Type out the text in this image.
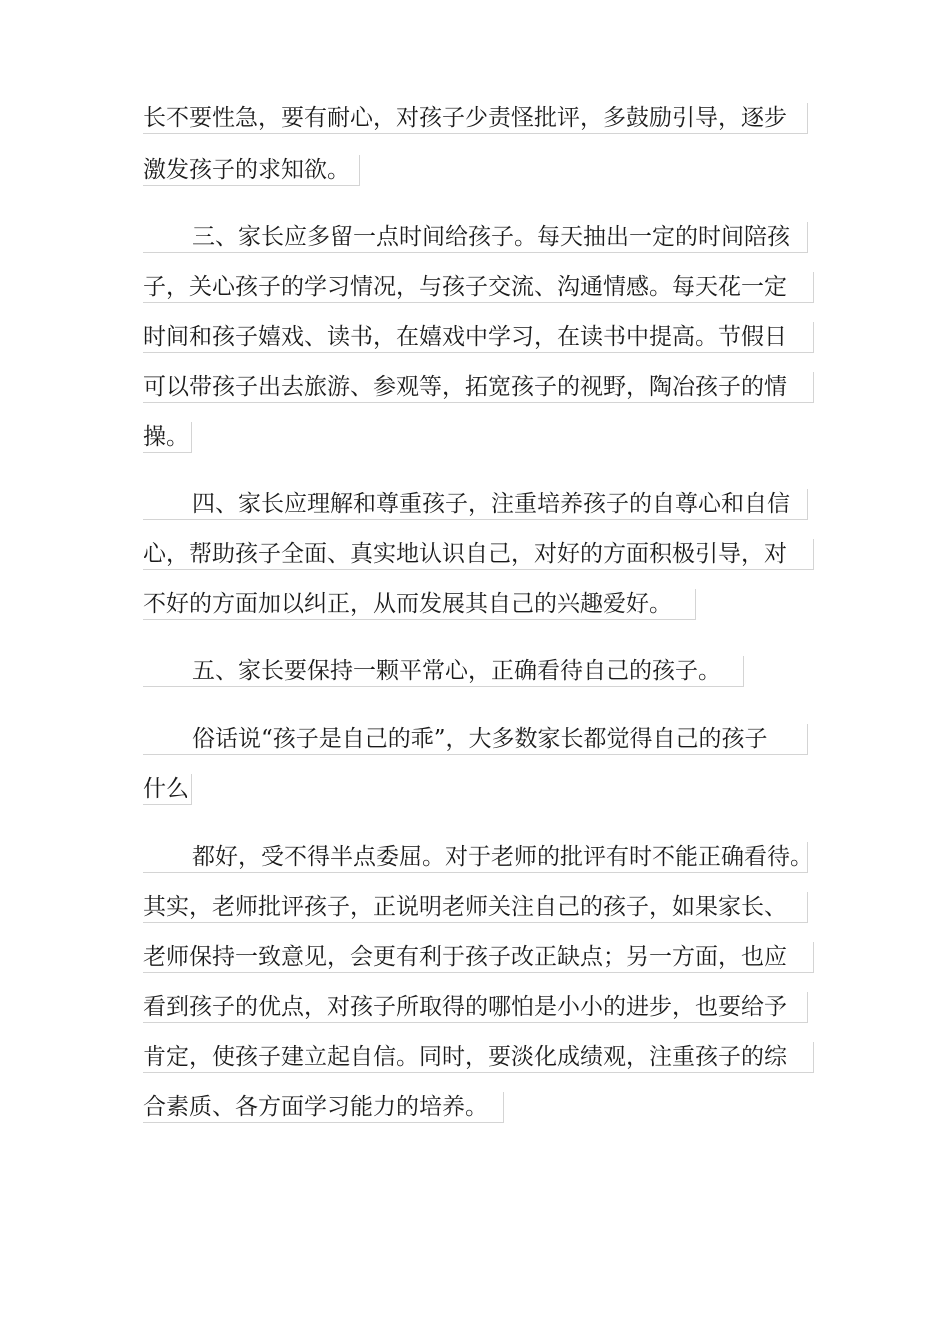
长不要性急，要有耐心，对孩子少责怪批评，多鼓励引导，逐步
激发孩子的求知欲。
三、家长应多留一点时间给孩子。每天抽出一定的时间陪孩
子，关心孩子的学习情况，与孩子交流、沟通情感。每天花一定
时间和孩子嬉戏、读书，在嬉戏中学习，在读书中提高。节假日
可以带孩子出去旅游、参观等，拓宽孩子的视野，陶冶孩子的情
操。
四、家长应理解和尊重孩子，注重培养孩子的自尊心和自信
心，帮助孩子全面、真实地认识自己，对好的方面积极引导，对
不好的方面加以纠正，从而发展其自己的兴趣爱好。
五、家长要保持一颗平常心，正确看待自己的孩子。
俗话说“孩子是自己的乖”，大多数家长都觉得自己的孩子
什么
都好，受不得半点委屈。对于老师的批评有时不能正确看待。
其实，老师批评孩子，正说明老师关注自己的孩子，如果家长、
老师保持一致意见，会更有利于孩子改正缺点；另一方面，也应
看到孩子的优点，对孩子所取得的哪怕是小小的进步，也要给予
肯定，使孩子建立起自信。同时，要淡化成绩观，注重孩子的综
合素质、各方面学习能力的培养。
